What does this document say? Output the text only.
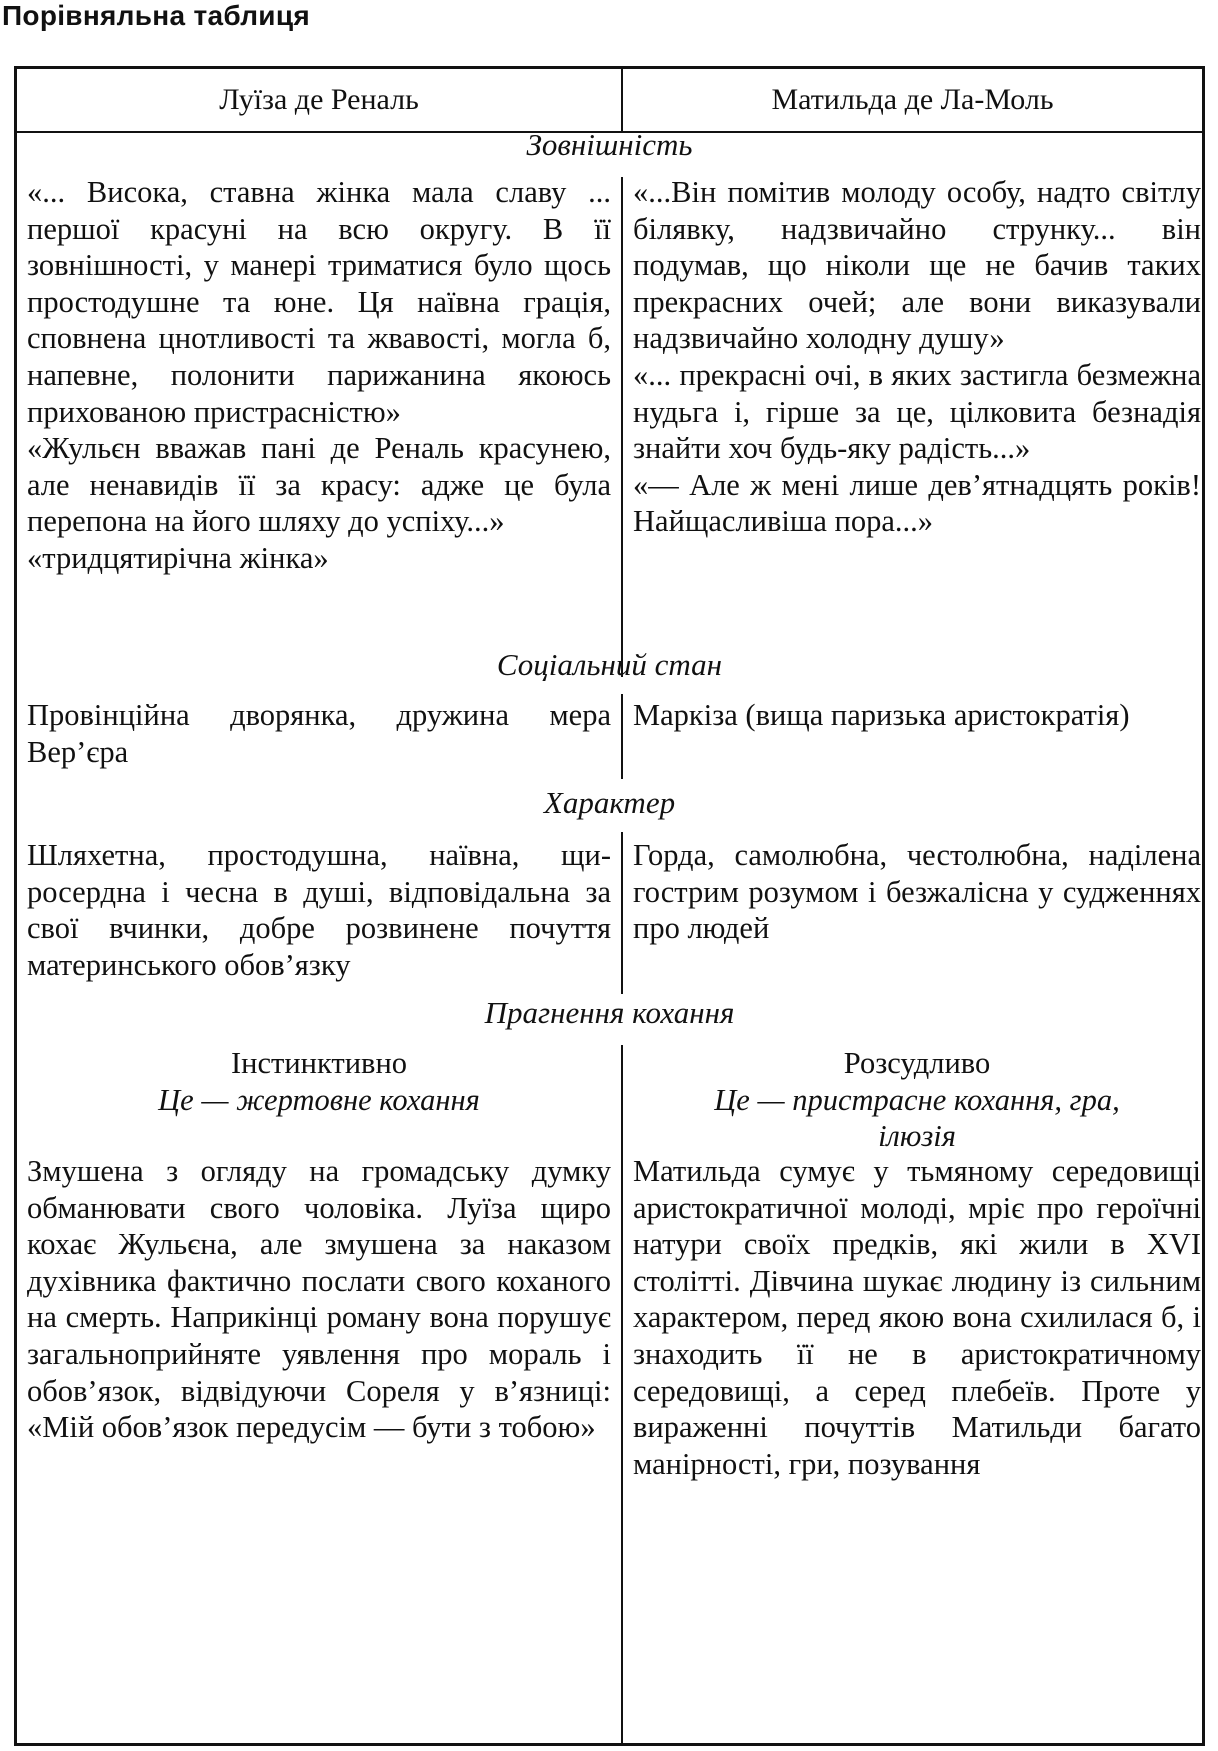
Порівняльна таблиця
Луїза де Реналь	Матильда де Ла-Моль
Зовнішність

«... Висока, ставна жінка мала славу ... першої красуні на всю округу. В її зовнішності, у манері триматися було щось простодушне та юне. Ця наївна грація, сповнена цнотливості та жвавості, могла б, напевне, полонити парижанина якоюсь прихованою пристрасністю»

«Жульєн вважав пані де Реналь красунею, але ненавидів її за красу: адже це була перепона на його шляху до успіху...»

«тридцятирічна жінка»

«...Він помітив молоду особу, надто світлу білявку, надзвичайно струнку... він подумав, що ніколи ще не бачив таких прекрасних очей; але вони виказували надзвичайно холодну душу»

«... прекрасні очі, в яких застигла безмежна нудьга і, гірше за це, цілковита безнадія знайти хоч будь-яку радість...»

«— Але ж мені лише дев’ятнадцять років! Найщасливіша пора...»

Соціальний стан
Провінційна дворянка, дружина мера Вер’єра
Маркіза (вища паризька аристократія)
Характер
Шляхетна, простодушна, наївна, щиросердна і чесна в душі, відповідальна за свої вчинки, добре розвинене почуття материнського обов’язку
Горда, самолюбна, честолюбна, наділена гострим розумом і безжалісна у судженнях про людей
Прагнення кохання

Інстинктивно

Це — жертовне кохання

Розсудливо

Це — пристрасне кохання, гра, ілюзія

Змушена з огляду на громадську думку обманювати свого чоловіка. Луїза щиро кохає Жульєна, але змушена за наказом духівника фактично послати свого коханого на смерть. Наприкінці роману вона порушує загальноприйняте уявлення про мораль і обов’язок, відвідуючи Сореля у в’язниці: «Мій обов’язок передусім — бути з тобою»
Матильда сумує у тьмяному середовищі аристократичної молоді, мріє про героїчні натури своїх предків, які жили в XVI столітті. Дівчина шукає людину із сильним характером, перед якою вона схилилася б, і знаходить її не в аристократичному середовищі, а серед плебеїв. Проте у вираженні почуттів Матильди багато манірності, гри, позування
